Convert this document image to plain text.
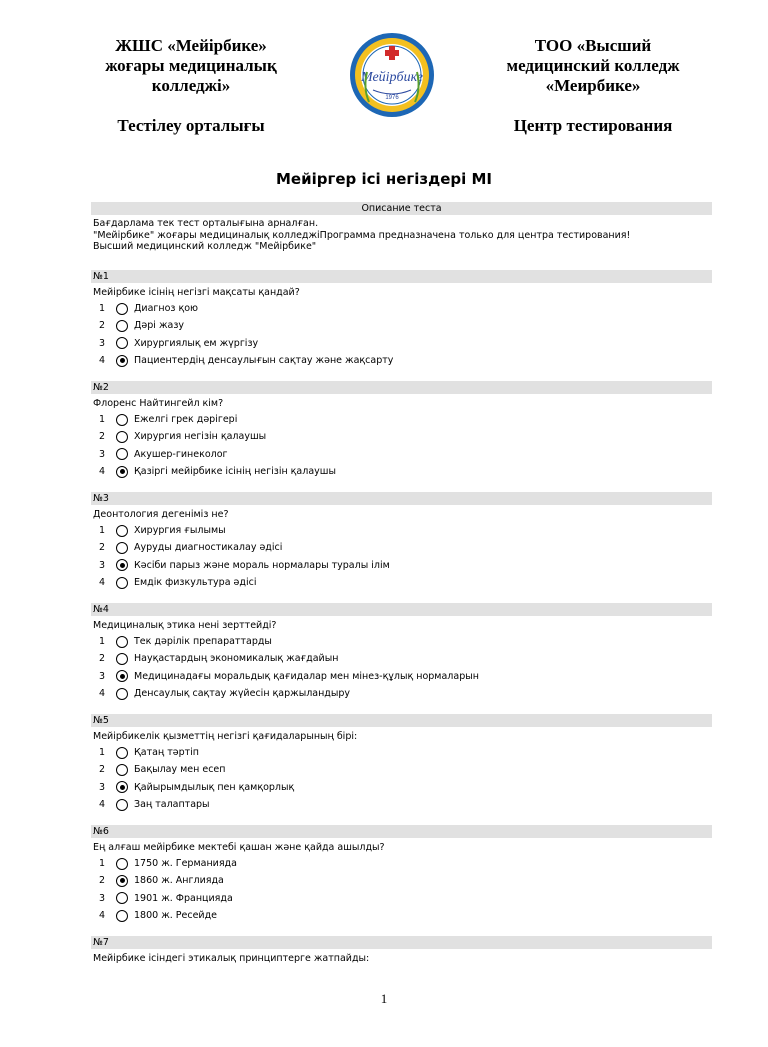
ЖШС «Мейірбике»
жоғары медициналық
колледжі»
Тестілеу орталығы
Мейірбике
1976
ТОО «Высший
медицинский колледж
«Меирбике»
Центр тестирования
Мейіргер ісі негіздері MI
Описание теста
Бағдарлама тек тест орталығына арналған.
"Мейірбике" жоғары медициналық колледжіПрограмма предназначена только для центра тестирования!
Высший медицинский колледж "Мейірбике"
№1
Мейірбике ісінің негізгі мақсаты қандай?
1	Диагноз қою
2	Дәрі жазу
3	Хирургиялық ем жүргізу
4	Пациентердің денсаулығын сақтау және жақсарту
№2
Флоренс Найтингейл кім?
1	Ежелгі грек дәрігері
2	Хирургия негізін қалаушы
3	Акушер-гинеколог
4	Қазіргі мейірбике ісінің негізін қалаушы
№3
Деонтология дегеніміз не?
1	Хирургия ғылымы
2	Ауруды диагностикалау әдісі
3	Кәсіби парыз және мораль нормалары туралы ілім
4	Емдік физкультура әдісі
№4
Медициналық этика нені зерттейді?
1	Тек дәрілік препараттарды
2	Науқастардың экономикалық жағдайын
3	Медицинадағы моральдық қағидалар мен мінез-құлық нормаларын
4	Денсаулық сақтау жүйесін қаржыландыру
№5
Мейірбикелік қызметтің негізгі қағидаларының бірі:
1	Қатаң тәртіп
2	Бақылау мен есеп
3	Қайырымдылық пен қамқорлық
4	Заң талаптары
№6
Ең алғаш мейірбике мектебі қашан және қайда ашылды?
1	1750 ж. Германияда
2	1860 ж. Англияда
3	1901 ж. Францияда
4	1800 ж. Ресейде
№7
Мейірбике ісіндегі этикалық принциптерге жатпайды:
1
